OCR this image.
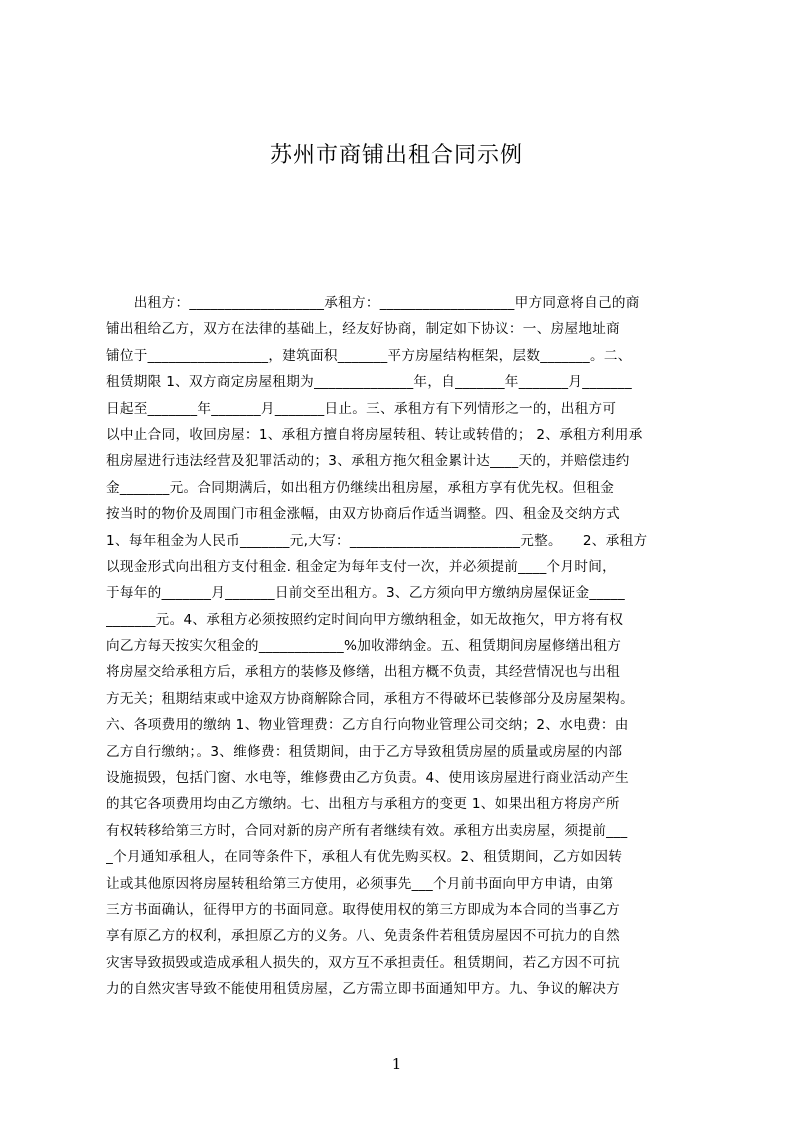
苏州市商铺出租合同示例
　　出租方：___________________承租方：___________________甲方同意将自己的商
铺出租给乙方，双方在法律的基础上，经友好协商，制定如下协议：一、房屋地址商
铺位于_________________，建筑面积_______平方房屋结构框架，层数_______。二、
租赁期限 1、双方商定房屋租期为______________年，自_______年_______月_______
日起至_______年_______月_______日止。三、承租方有下列情形之一的，出租方可
以中止合同，收回房屋：1、承租方擅自将房屋转租、转让或转借的； 2、承租方利用承
租房屋进行违法经营及犯罪活动的；3、承租方拖欠租金累计达____天的，并赔偿违约
金_______元。合同期满后，如出租方仍继续出租房屋，承租方享有优先权。但租金
按当时的物价及周围门市租金涨幅，由双方协商后作适当调整。四、租金及交纳方式
1、每年租金为人民币_______元,大写：________________________元整。　　2、承租方
以现金形式向出租方支付租金. 租金定为每年支付一次，并必须提前____个月时间，
于每年的_______月_______日前交至出租方。3、乙方须向甲方缴纳房屋保证金_____
_______元。4、承租方必须按照约定时间向甲方缴纳租金，如无故拖欠，甲方将有权
向乙方每天按实欠租金的____________%加收滞纳金。五、租赁期间房屋修缮出租方
将房屋交给承租方后，承租方的装修及修缮，出租方概不负责，其经营情况也与出租
方无关；租期结束或中途双方协商解除合同，承租方不得破坏已装修部分及房屋架构。
六、各项费用的缴纳 1、物业管理费：乙方自行向物业管理公司交纳；2、水电费：由
乙方自行缴纳；。3、维修费：租赁期间，由于乙方导致租赁房屋的质量或房屋的内部
设施损毁，包括门窗、水电等，维修费由乙方负责。4、使用该房屋进行商业活动产生
的其它各项费用均由乙方缴纳。七、出租方与承租方的变更 1、如果出租方将房产所
有权转移给第三方时，合同对新的房产所有者继续有效。承租方出卖房屋，须提前___
_个月通知承租人，在同等条件下，承租人有优先购买权。2、租赁期间，乙方如因转
让或其他原因将房屋转租给第三方使用，必须事先___个月前书面向甲方申请，由第
三方书面确认，征得甲方的书面同意。取得使用权的第三方即成为本合同的当事乙方
享有原乙方的权利，承担原乙方的义务。八、免责条件若租赁房屋因不可抗力的自然
灾害导致损毁或造成承租人损失的，双方互不承担责任。租赁期间，若乙方因不可抗
力的自然灾害导致不能使用租赁房屋，乙方需立即书面通知甲方。九、争议的解决方
1
